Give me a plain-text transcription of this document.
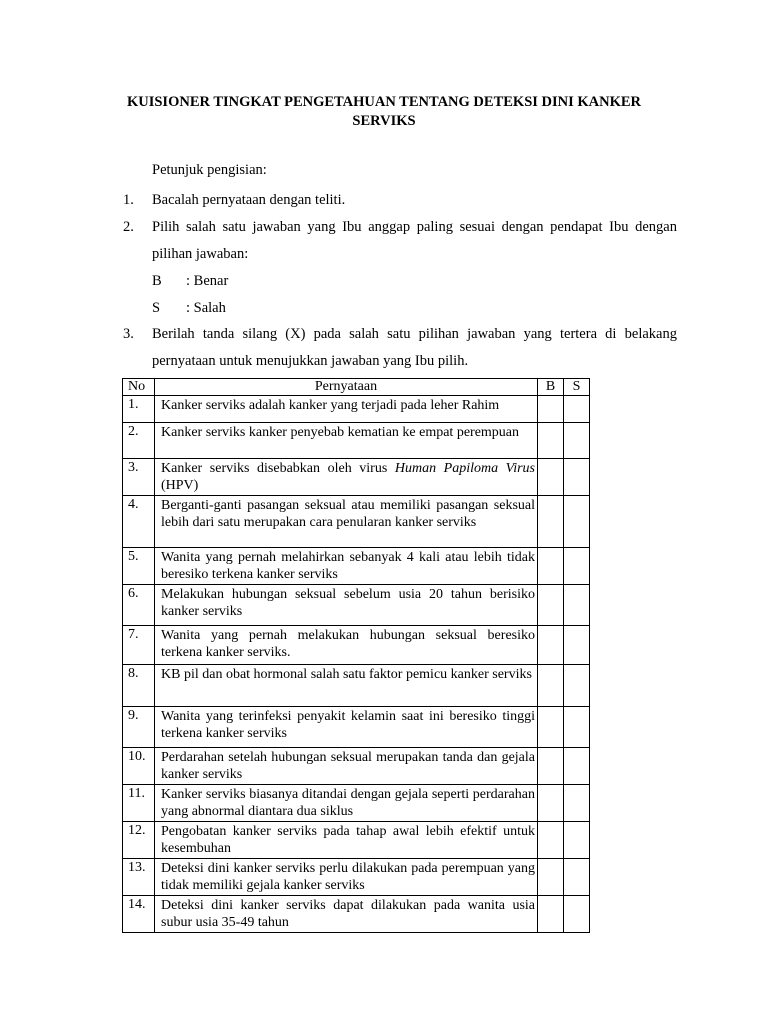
KUISIONER TINGKAT PENGETAHUAN TENTANG DETEKSI DINI KANKER
SERVIKS
Petunjuk pengisian:
1. Bacalah pernyataan dengan teliti.
2. Pilih salah satu jawaban yang Ibu anggap paling sesuai dengan pendapat Ibu dengan
pilihan jawaban:
B : Benar
S : Salah
3. Berilah tanda silang (X) pada salah satu pilihan jawaban yang tertera di belakang
pernyataan untuk menujukkan jawaban yang Ibu pilih.
No	Pernyataan	B	S
1.	Kanker serviks adalah kanker yang terjadi pada leher Rahim		
2.	Kanker serviks kanker penyebab kematian ke empat perempuan		
3.	Kanker serviks disebabkan oleh virus Human Papiloma Virus (HPV)		
4.	Berganti-ganti pasangan seksual atau memiliki pasangan seksual lebih dari satu merupakan cara penularan kanker serviks		
5.	Wanita yang pernah melahirkan sebanyak 4 kali atau lebih tidak beresiko terkena kanker serviks		
6.	Melakukan hubungan seksual sebelum usia 20 tahun berisiko kanker serviks		
7.	Wanita yang pernah melakukan hubungan seksual beresiko terkena kanker serviks.		
8.	KB pil dan obat hormonal salah satu faktor pemicu kanker serviks		
9.	Wanita yang terinfeksi penyakit kelamin saat ini beresiko tinggi terkena kanker serviks		
10.	Perdarahan setelah hubungan seksual merupakan tanda dan gejala kanker serviks		
11.	Kanker serviks biasanya ditandai dengan gejala seperti perdarahan yang abnormal diantara dua siklus		
12.	Pengobatan kanker serviks pada tahap awal lebih efektif untuk kesembuhan		
13.	Deteksi dini kanker serviks perlu dilakukan pada perempuan yang tidak memiliki gejala kanker serviks		
14.	Deteksi dini kanker serviks dapat dilakukan pada wanita usia subur usia 35-49 tahun		
